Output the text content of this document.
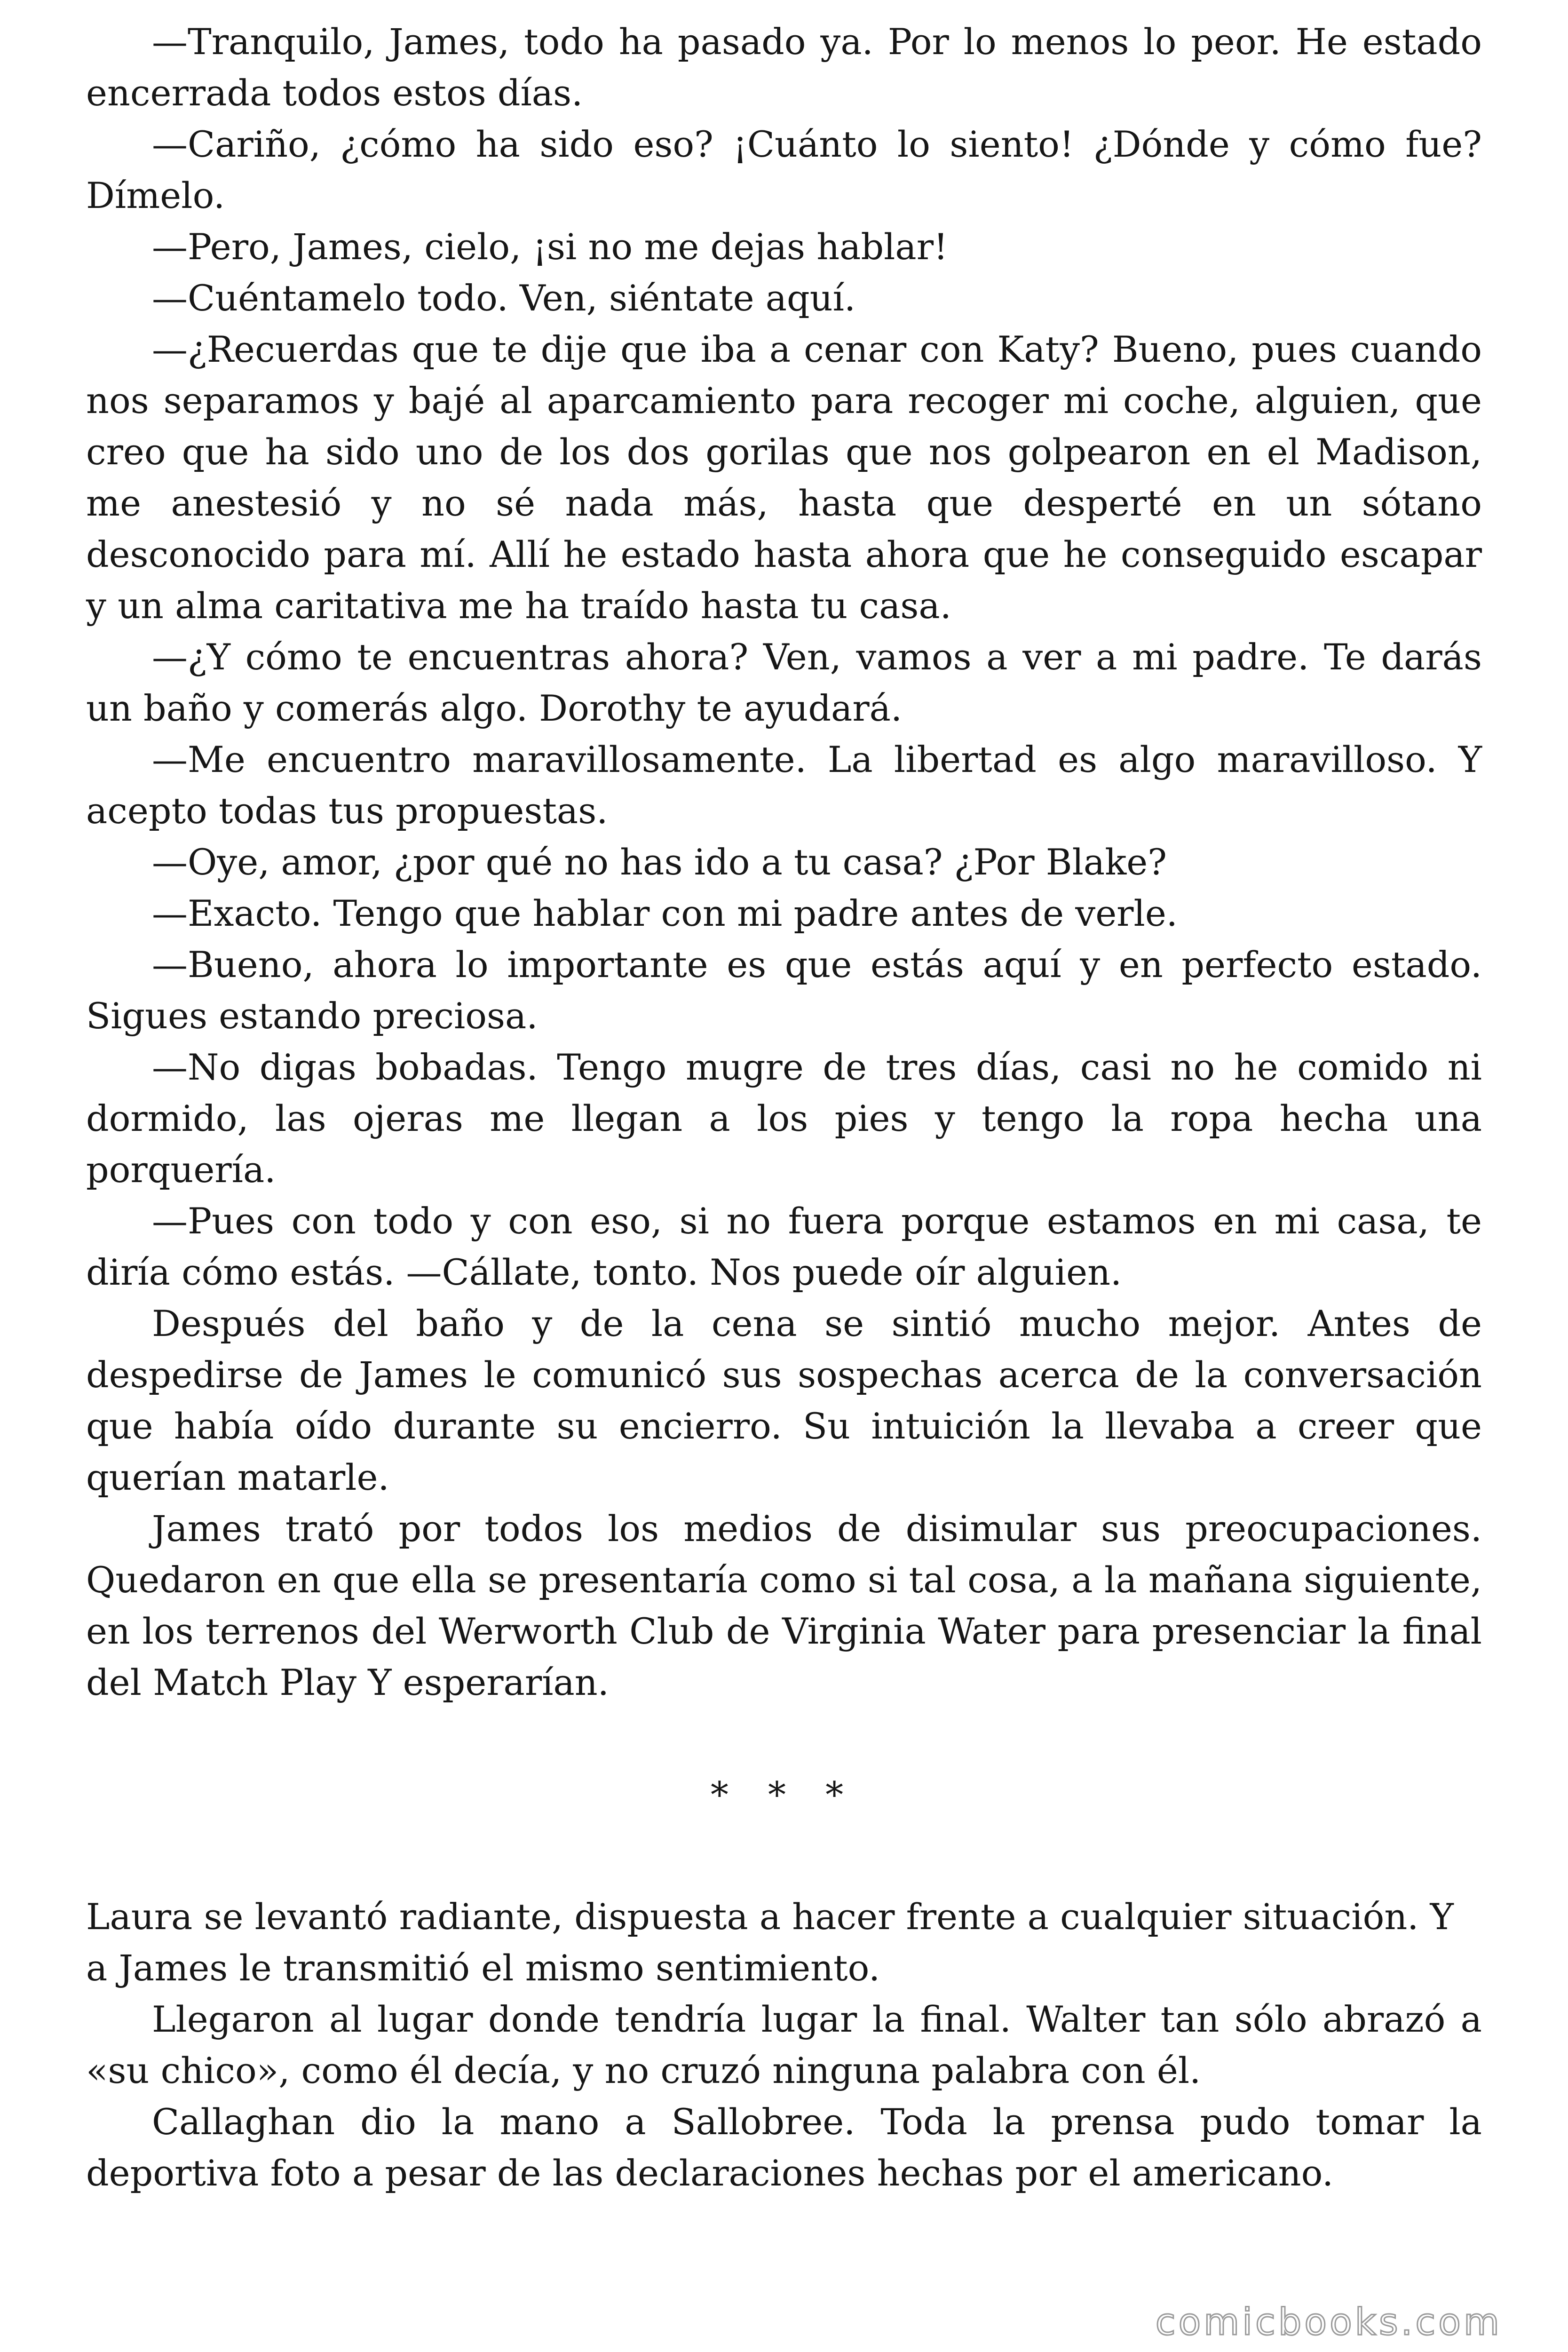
—Tranquilo, James, todo ha pasado ya. Por lo menos lo peor. He estado encerrada todos estos días.

—Cariño, ¿cómo ha sido eso? ¡Cuánto lo siento! ¿Dónde y cómo fue? Dímelo.

—Pero, James, cielo, ¡si no me dejas hablar!

—Cuéntamelo todo. Ven, siéntate aquí.

—¿Recuerdas que te dije que iba a cenar con Katy? Bueno, pues cuando nos separamos y bajé al aparcamiento para recoger mi coche, alguien, que creo que ha sido uno de los dos gorilas que nos golpearon en el Madison, me anestesió y no sé nada más, hasta que desperté en un sótano desconocido para mí. Allí he estado hasta ahora que he conseguido escapar y un alma caritativa me ha traído hasta tu casa.

—¿Y cómo te encuentras ahora? Ven, vamos a ver a mi padre. Te darás un baño y comerás algo. Dorothy te ayudará.

—Me encuentro maravillosamente. La libertad es algo maravilloso. Y acepto todas tus propuestas.

—Oye, amor, ¿por qué no has ido a tu casa? ¿Por Blake?

—Exacto. Tengo que hablar con mi padre antes de verle.

—Bueno, ahora lo importante es que estás aquí y en perfecto estado. Sigues estando preciosa.

—No digas bobadas. Tengo mugre de tres días, casi no he comido ni dormido, las ojeras me llegan a los pies y tengo la ropa hecha una porquería.

—Pues con todo y con eso, si no fuera porque estamos en mi casa, te diría cómo estás. —Cállate, tonto. Nos puede oír alguien.

Después del baño y de la cena se sintió mucho mejor. Antes de despedirse de James le comunicó sus sospechas acerca de la conversación que había oído durante su encierro. Su intuición la llevaba a creer que querían matarle.

James trató por todos los medios de disimular sus preocupaciones. Quedaron en que ella se presentaría como si tal cosa, a la mañana siguiente, en los terrenos del Werworth Club de Virginia Water para presenciar la final del Match Play Y esperarían.

* * *

Laura se levantó radiante, dispuesta a hacer frente a cualquier situación. Y a James le transmitió el mismo sentimiento.

Llegaron al lugar donde tendría lugar la final. Walter tan sólo abrazó a «su chico», como él decía, y no cruzó ninguna palabra con él.

Callaghan dio la mano a Sallobree. Toda la prensa pudo tomar la deportiva foto a pesar de las declaraciones hechas por el americano.

comicbooks.com
